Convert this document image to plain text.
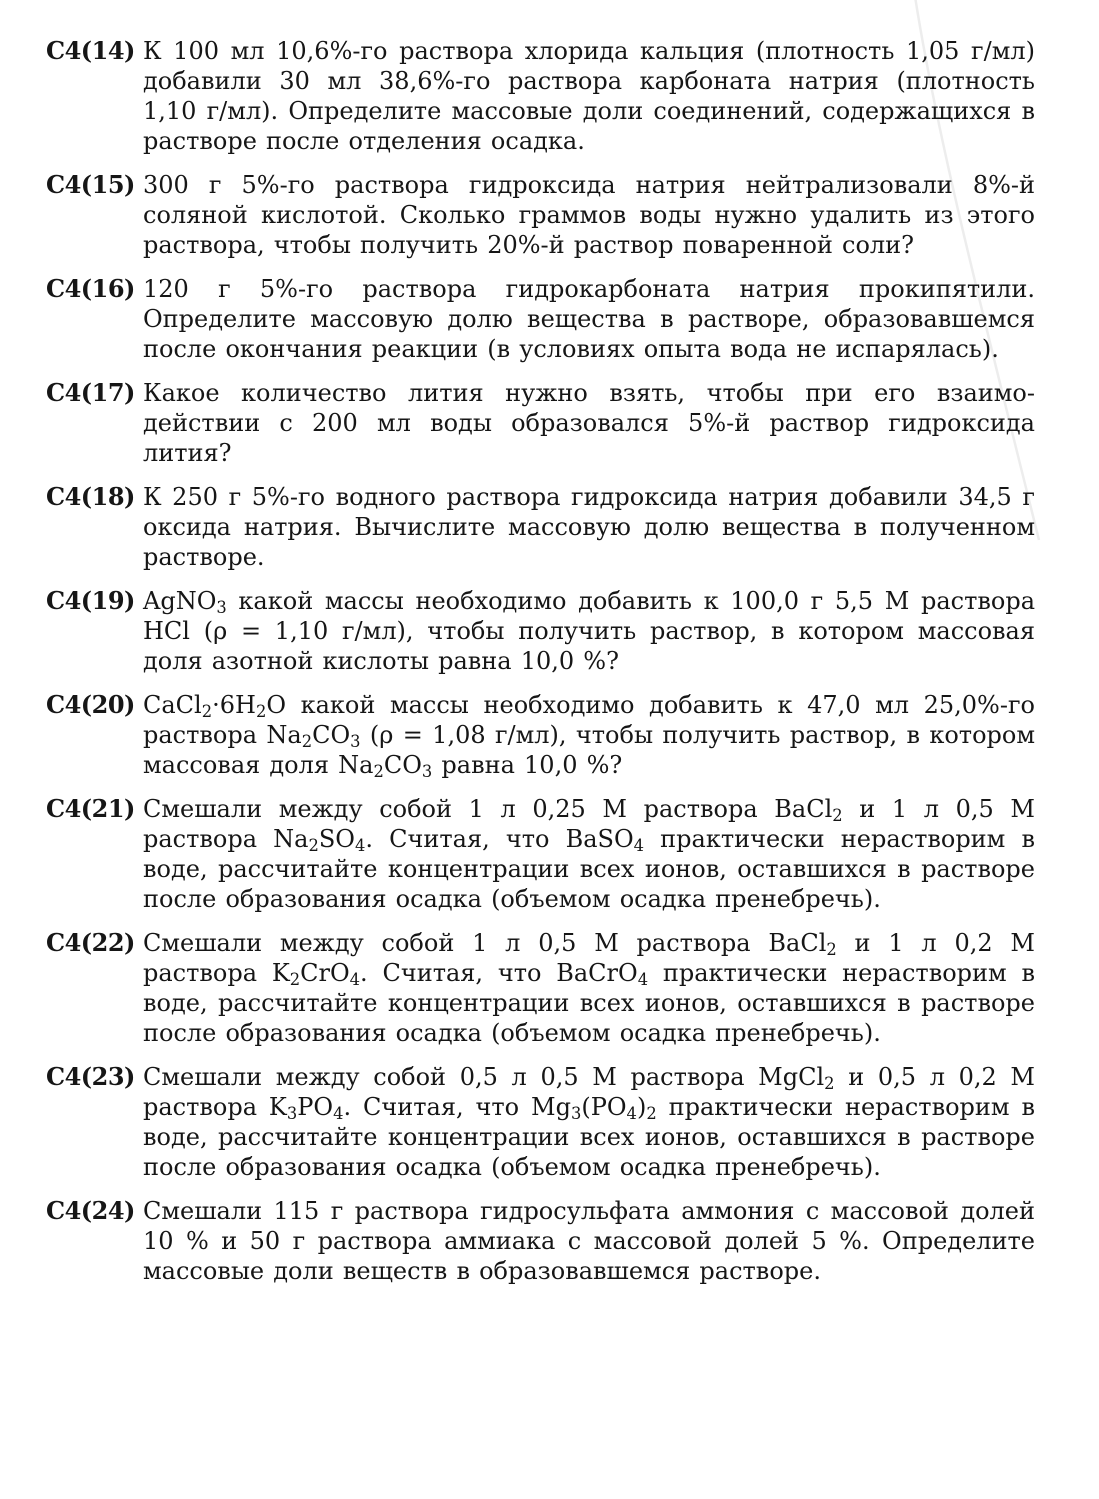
С4(14) К 100 мл 10,6%-го раствора хлорида кальция (плотность 1,05 г/мл) добавили 30 мл 38,6%-го раствора карбоната натрия (плотность 1,10 г/мл). Определите массовые доли соединений, содержащихся в растворе после отделения осадка.

С4(15) 300 г 5%-го раствора гидроксида натрия нейтрализовали 8%-й соляной кислотой. Сколько граммов воды нужно удалить из этого раствора, чтобы получить 20%-й раствор поваренной соли?

С4(16) 120 г 5%-го раствора гидрокарбоната натрия прокипятили. Определите массовую долю вещества в растворе, образовавшемся после окончания реакции (в условиях опыта вода не испарялась).

С4(17) Какое количество лития нужно взять, чтобы при его взаимодействии с 200 мл воды образовался 5%-й раствор гидроксида лития?

С4(18) К 250 г 5%-го водного раствора гидроксида натрия добавили 34,5 г оксида натрия. Вычислите массовую долю вещества в полученном растворе.

С4(19) AgNO$_3$ какой массы необходимо добавить к 100,0 г 5,5 М раствора HCl (ρ = 1,10 г/мл), чтобы получить раствор, в котором массовая доля азотной кислоты равна 10,0 %?

С4(20) $CaCl_2\cdot 6H_2O$ какой массы необходимо добавить к 47,0 мл 25,0%-го раствора $Na_2CO_3$ (ρ = 1,08 г/мл), чтобы получить раствор, в котором массовая доля $Na_2CO_3$ равна 10,0 %?

С4(21) Смешали между собой 1 л 0,25 М раствора BaCl$_2$ и 1 л 0,5 М раствора $Na_2SO_4$. Считая, что BaSO$_4$ практически нерастворим в воде, рассчитайте концентрации всех ионов, оставшихся в растворе после образования осадка (объемом осадка пренебречь).

С4(22) Смешали между собой 1 л 0,5 М раствора BaCl$_2$ и 1 л 0,2 М раствора $K_2CrO_4$. Считая, что BaCrO$_4$ практически нерастворим в воде, рассчитайте концентрации всех ионов, оставшихся в растворе после образования осадка (объемом осадка пренебречь).

С4(23) Смешали между собой 0,5 л 0,5 М раствора MgCl$_2$ и 0,5 л 0,2 М раствора $K_3PO_4$. Считая, что $Mg_3(PO_4)_2$ практически нерастворим в воде, рассчитайте концентрации всех ионов, оставшихся в растворе после образования осадка (объемом осадка пренебречь).

С4(24) Смешали 115 г раствора гидросульфата аммония с массовой долей 10 % и 50 г раствора аммиака с массовой долей 5 %. Определите массовые доли веществ в образовавшемся растворе.
